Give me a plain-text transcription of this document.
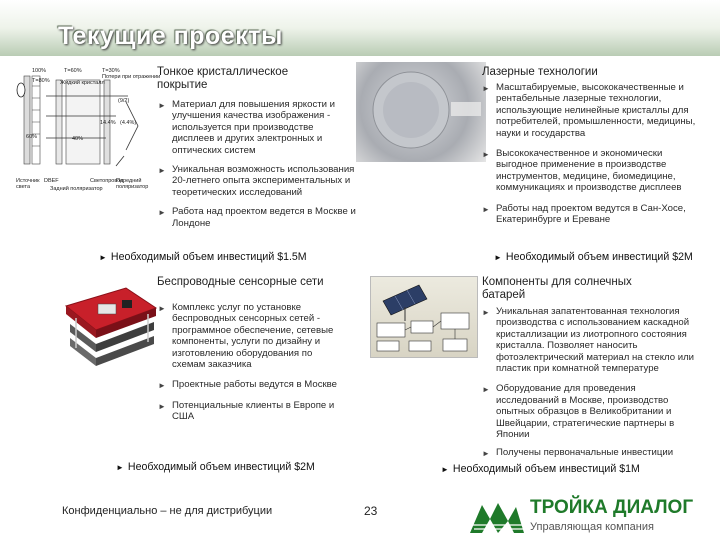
Текущие проекты
100%	T=60%	T=30%
Т=80% Жидкий кристалл
Потери при отражении
(9/2)
14.4% (4.4%)
60%	40%
Источник света
DBEF
Задний поляризатор
Светопровод
Передний поляризатор
Тонкое кристаллическое покрытие
► Материал для повышения яркости и улучшения качества изображения - используется при производстве дисплеев и других электронных и оптических систем
► Уникальная возможность использования 20-летнего опыта экспериментальных и теоретических исследований
► Работа над проектом ведется в Москве и Лондоне
► Необходимый объем инвестиций $1.5M
Лазерные технологии
► Масштабируемые, высококачественные и рентабельные лазерные технологии, использующие нелинейные кристаллы для потребителей, промышленности, медицины, науки и государства
► Высококачественное и экономически выгодное применение в производстве инструментов, медицине, биомедицине, коммуникациях и производстве дисплеев
► Работы над проектом ведутся в Сан-Хосе, Екатеринбурге и Ереване
► Необходимый объем инвестиций $2M
Беспроводные сенсорные сети
► Комплекс услуг по установке беспроводных сенсорных сетей - программное обеспечение, сетевые компоненты, услуги по дизайну и изготовлению оборудования по схемам заказчика
► Проектные работы ведутся в Москве
► Потенциальные клиенты в Европе и США
► Необходимый объем инвестиций $2M
Компоненты для солнечных батарей
► Уникальная запатентованная технология производства с использованием каскадной кристаллизации из лиотропного состояния кристалла. Позволяет наносить фотоэлектрический материал на стекло или пластик при комнатной температуре
► Оборудование для проведения исследований в Москве, производство опытных образцов в Великобритании и Швейцарии, стратегические партнеры в Японии
► Получены первоначальные инвестиции
► Необходимый объем инвестиций $1M
Конфиденциально – не для дистрибуции	23	ТРОЙКА ДИАЛОГ
Управляющая компания
